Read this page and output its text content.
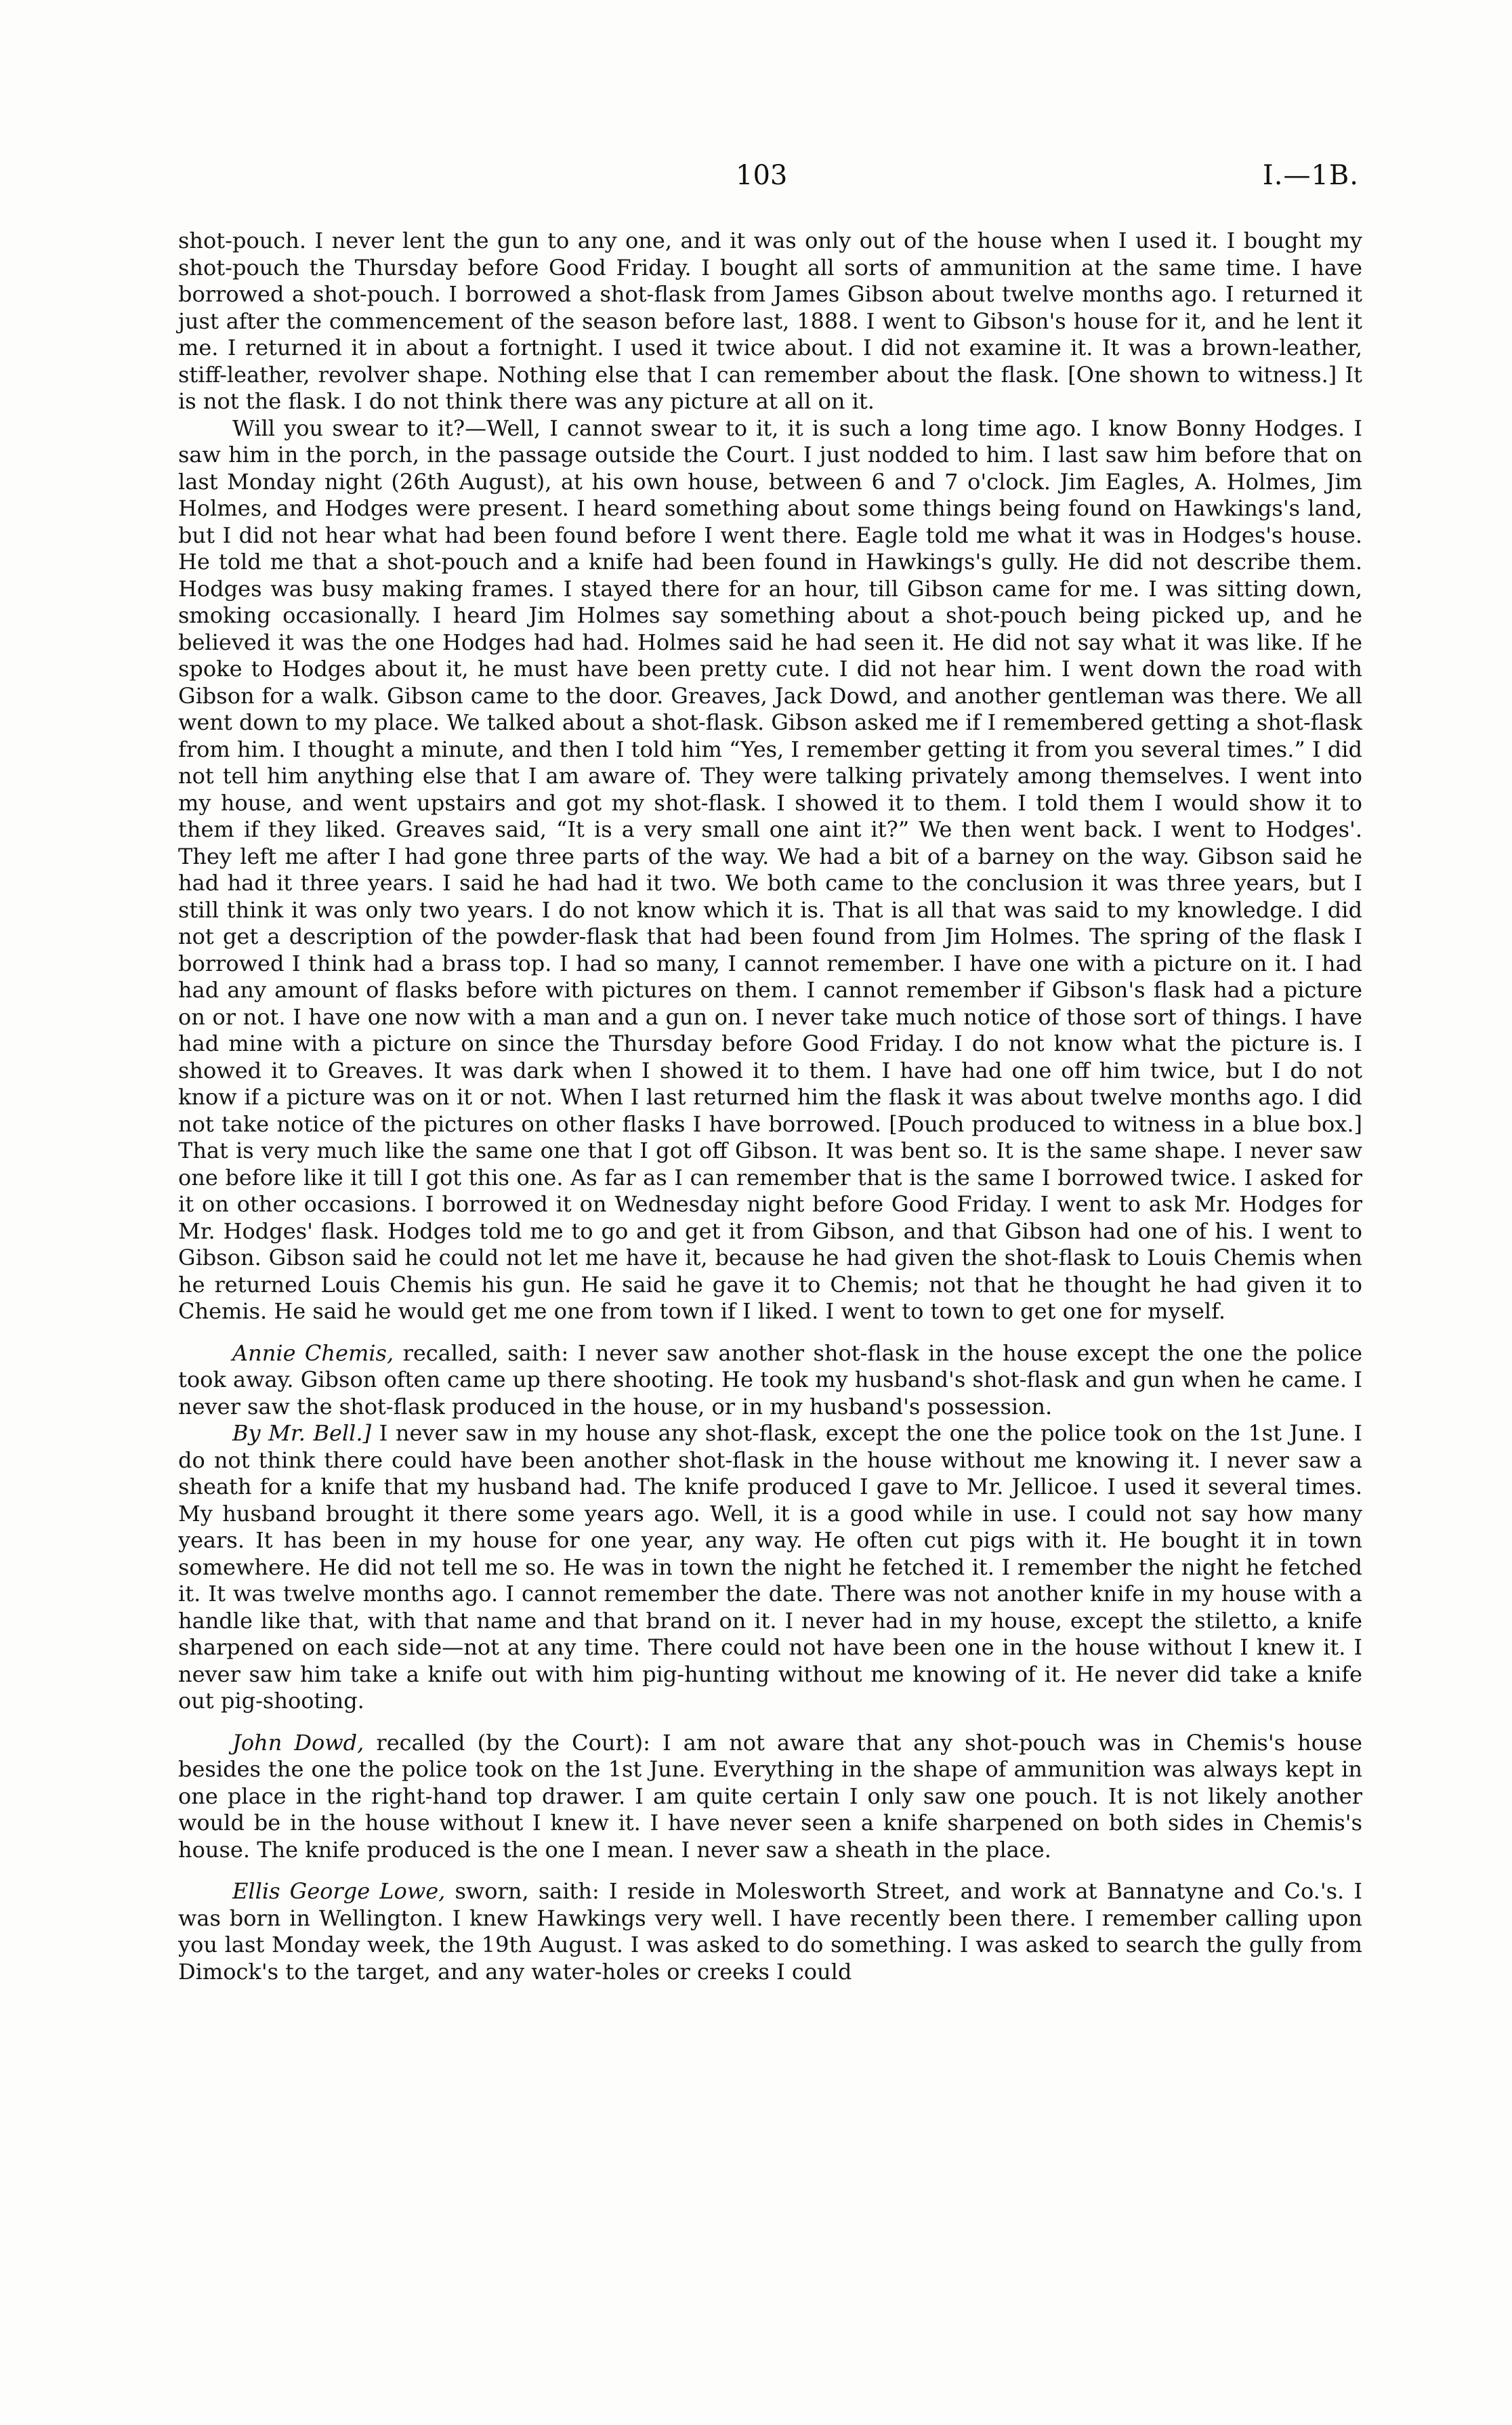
103	I.—1B.

shot-pouch. I never lent the gun to any one, and it was only out of the house when I used it. I bought my shot-pouch the Thursday before Good Friday. I bought all sorts of ammunition at the same time. I have borrowed a shot-pouch. I borrowed a shot-flask from James Gibson about twelve months ago. I returned it just after the commencement of the season before last, 1888. I went to Gibson's house for it, and he lent it me. I returned it in about a fortnight. I used it twice about. I did not examine it. It was a brown-leather, stiff-leather, revolver shape. Nothing else that I can remember about the flask. [One shown to witness.] It is not the flask. I do not think there was any picture at all on it.

Will you swear to it?—Well, I cannot swear to it, it is such a long time ago. I know Bonny Hodges. I saw him in the porch, in the passage outside the Court. I just nodded to him. I last saw him before that on last Monday night (26th August), at his own house, between 6 and 7 o'clock. Jim Eagles, A. Holmes, Jim Holmes, and Hodges were present. I heard something about some things being found on Hawkings's land, but I did not hear what had been found before I went there. Eagle told me what it was in Hodges's house. He told me that a shot-pouch and a knife had been found in Hawkings's gully. He did not describe them. Hodges was busy making frames. I stayed there for an hour, till Gibson came for me. I was sitting down, smoking occasionally. I heard Jim Holmes say something about a shot-pouch being picked up, and he believed it was the one Hodges had had. Holmes said he had seen it. He did not say what it was like. If he spoke to Hodges about it, he must have been pretty cute. I did not hear him. I went down the road with Gibson for a walk. Gibson came to the door. Greaves, Jack Dowd, and another gentleman was there. We all went down to my place. We talked about a shot-flask. Gibson asked me if I remembered getting a shot-flask from him. I thought a minute, and then I told him “Yes, I remember getting it from you several times.” I did not tell him anything else that I am aware of. They were talking privately among themselves. I went into my house, and went upstairs and got my shot-flask. I showed it to them. I told them I would show it to them if they liked. Greaves said, “It is a very small one aint it?” We then went back. I went to Hodges'. They left me after I had gone three parts of the way. We had a bit of a barney on the way. Gibson said he had had it three years. I said he had had it two. We both came to the conclusion it was three years, but I still think it was only two years. I do not know which it is. That is all that was said to my knowledge. I did not get a description of the powder-flask that had been found from Jim Holmes. The spring of the flask I borrowed I think had a brass top. I had so many, I cannot remember. I have one with a picture on it. I had had any amount of flasks before with pictures on them. I cannot remember if Gibson's flask had a picture on or not. I have one now with a man and a gun on. I never take much notice of those sort of things. I have had mine with a picture on since the Thursday before Good Friday. I do not know what the picture is. I showed it to Greaves. It was dark when I showed it to them. I have had one off him twice, but I do not know if a picture was on it or not. When I last returned him the flask it was about twelve months ago. I did not take notice of the pictures on other flasks I have borrowed. [Pouch produced to witness in a blue box.] That is very much like the same one that I got off Gibson. It was bent so. It is the same shape. I never saw one before like it till I got this one. As far as I can remember that is the same I borrowed twice. I asked for it on other occasions. I borrowed it on Wednesday night before Good Friday. I went to ask Mr. Hodges for Mr. Hodges' flask. Hodges told me to go and get it from Gibson, and that Gibson had one of his. I went to Gibson. Gibson said he could not let me have it, because he had given the shot-flask to Louis Chemis when he returned Louis Chemis his gun. He said he gave it to Chemis; not that he thought he had given it to Chemis. He said he would get me one from town if I liked. I went to town to get one for myself.

Annie Chemis, recalled, saith: I never saw another shot-flask in the house except the one the police took away. Gibson often came up there shooting. He took my husband's shot-flask and gun when he came. I never saw the shot-flask produced in the house, or in my husband's possession.

By Mr. Bell.] I never saw in my house any shot-flask, except the one the police took on the 1st June. I do not think there could have been another shot-flask in the house without me knowing it. I never saw a sheath for a knife that my husband had. The knife produced I gave to Mr. Jellicoe. I used it several times. My husband brought it there some years ago. Well, it is a good while in use. I could not say how many years. It has been in my house for one year, any way. He often cut pigs with it. He bought it in town somewhere. He did not tell me so. He was in town the night he fetched it. I remember the night he fetched it. It was twelve months ago. I cannot remember the date. There was not another knife in my house with a handle like that, with that name and that brand on it. I never had in my house, except the stiletto, a knife sharpened on each side—not at any time. There could not have been one in the house without I knew it. I never saw him take a knife out with him pig-hunting without me knowing of it. He never did take a knife out pig-shooting.

John Dowd, recalled (by the Court): I am not aware that any shot-pouch was in Chemis's house besides the one the police took on the 1st June. Everything in the shape of ammunition was always kept in one place in the right-hand top drawer. I am quite certain I only saw one pouch. It is not likely another would be in the house without I knew it. I have never seen a knife sharpened on both sides in Chemis's house. The knife produced is the one I mean. I never saw a sheath in the place.

Ellis George Lowe, sworn, saith: I reside in Molesworth Street, and work at Bannatyne and Co.'s. I was born in Wellington. I knew Hawkings very well. I have recently been there. I remember calling upon you last Monday week, the 19th August. I was asked to do something. I was asked to search the gully from Dimock's to the target, and any water-holes or creeks I could
